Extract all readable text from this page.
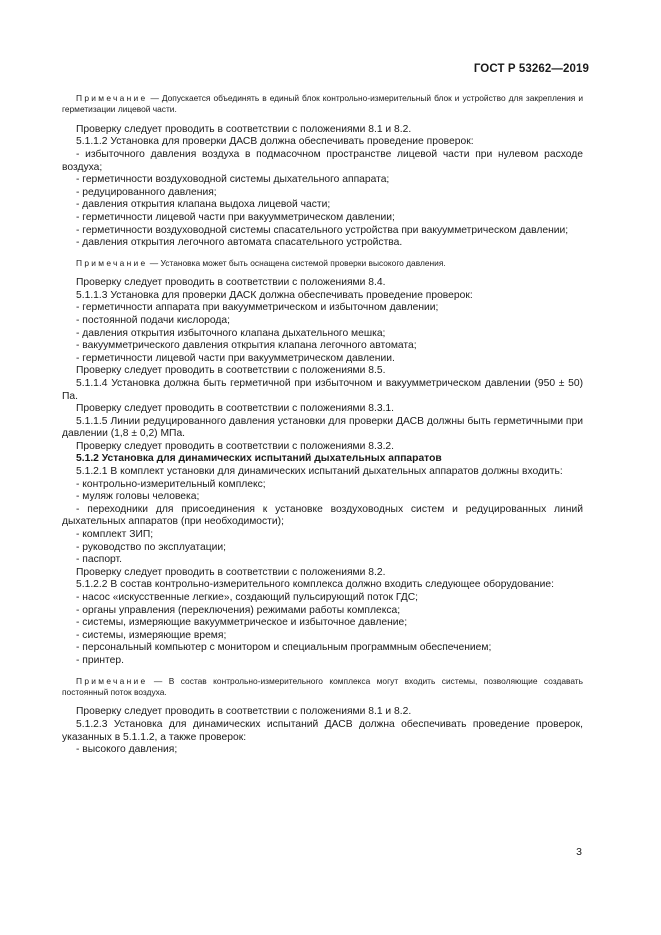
ГОСТ Р 53262—2019

Примечание — Допускается объединять в единый блок контрольно-измерительный блок и устройство для закрепления и герметизации лицевой части.

Проверку следует проводить в соответствии с положениями 8.1 и 8.2.

5.1.1.2 Установка для проверки ДАСВ должна обеспечивать проведение проверок:

- избыточного давления воздуха в подмасочном пространстве лицевой части при нулевом расходе воздуха;

- герметичности воздуховодной системы дыхательного аппарата;

- редуцированного давления;

- давления открытия клапана выдоха лицевой части;

- герметичности лицевой части при вакуумметрическом давлении;

- герметичности воздуховодной системы спасательного устройства при вакуумметрическом давлении;

- давления открытия легочного автомата спасательного устройства.

Примечание — Установка может быть оснащена системой проверки высокого давления.

Проверку следует проводить в соответствии с положениями 8.4.

5.1.1.3 Установка для проверки ДАСК должна обеспечивать проведение проверок:

- герметичности аппарата при вакуумметрическом и избыточном давлении;

- постоянной подачи кислорода;

- давления открытия избыточного клапана дыхательного мешка;

- вакуумметрического давления открытия клапана легочного автомата;

- герметичности лицевой части при вакуумметрическом давлении.

Проверку следует проводить в соответствии с положениями 8.5.

5.1.1.4 Установка должна быть герметичной при избыточном и вакуумметрическом давлении (950 ± 50) Па.

Проверку следует проводить в соответствии с положениями 8.3.1.

5.1.1.5 Линии редуцированного давления установки для проверки ДАСВ должны быть герметичными при давлении (1,8 ± 0,2) МПа.

Проверку следует проводить в соответствии с положениями 8.3.2.

5.1.2 Установка для динамических испытаний дыхательных аппаратов

5.1.2.1 В комплект установки для динамических испытаний дыхательных аппаратов должны входить:

- контрольно-измерительный комплекс;

- муляж головы человека;

- переходники для присоединения к установке воздуховодных систем и редуцированных линий дыхательных аппаратов (при необходимости);

- комплект ЗИП;

- руководство по эксплуатации;

- паспорт.

Проверку следует проводить в соответствии с положениями 8.2.

5.1.2.2 В состав контрольно-измерительного комплекса должно входить следующее оборудование:

- насос «искусственные легкие», создающий пульсирующий поток ГДС;

- органы управления (переключения) режимами работы комплекса;

- системы, измеряющие вакуумметрическое и избыточное давление;

- системы, измеряющие время;

- персональный компьютер с монитором и специальным программным обеспечением;

- принтер.

Примечание — В состав контрольно-измерительного комплекса могут входить системы, позволяющие создавать постоянный поток воздуха.

Проверку следует проводить в соответствии с положениями 8.1 и 8.2.

5.1.2.3 Установка для динамических испытаний ДАСВ должна обеспечивать проведение проверок, указанных в 5.1.1.2, а также проверок:

- высокого давления;

3
